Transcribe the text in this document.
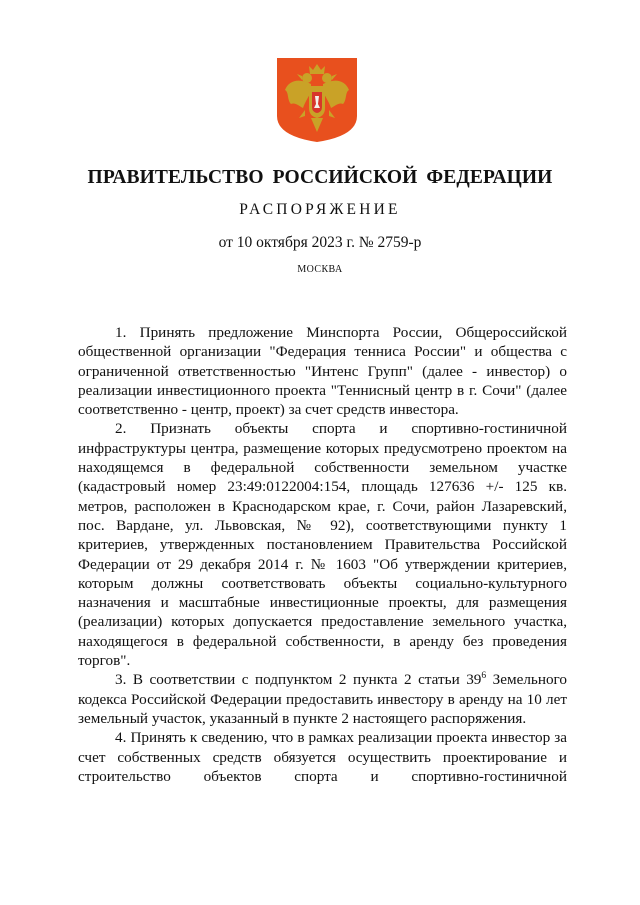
ПРАВИТЕЛЬСТВО РОССИЙСКОЙ ФЕДЕРАЦИИ
РАСПОРЯЖЕНИЕ
от 10 октября 2023 г. № 2759-р
МОСКВА

1. Принять предложение Минспорта России, Общероссийской общественной организации "Федерация тенниса России" и общества с ограниченной ответственностью "Интенс Групп" (далее - инвестор) о реализации инвестиционного проекта "Теннисный центр в г. Сочи" (далее соответственно - центр, проект) за счет средств инвестора.

2. Признать объекты спорта и спортивно-гостиничной инфраструктуры центра, размещение которых предусмотрено проектом на находящемся в федеральной собственности земельном участке (кадастровый номер 23:49:0122004:154, площадь 127636 +/- 125 кв. метров, расположен в Краснодарском крае, г. Сочи, район Лазаревский, пос. Вардане, ул. Львовская, № 92), соответствующими пункту 1 критериев, утвержденных постановлением Правительства Российской Федерации от 29 декабря 2014 г. № 1603 "Об утверждении критериев, которым должны соответствовать объекты социально-культурного назначения и масштабные инвестиционные проекты, для размещения (реализации) которых допускается предоставление земельного участка, находящегося в федеральной собственности, в аренду без проведения торгов".

3. В соответствии с подпунктом 2 пункта 2 статьи $39^6$ Земельного кодекса Российской Федерации предоставить инвестору в аренду на 10 лет земельный участок, указанный в пункте 2 настоящего распоряжения.

4. Принять к сведению, что в рамках реализации проекта инвестор за счет собственных средств обязуется осуществить проектирование и строительство объектов спорта и спортивно-гостиничной
